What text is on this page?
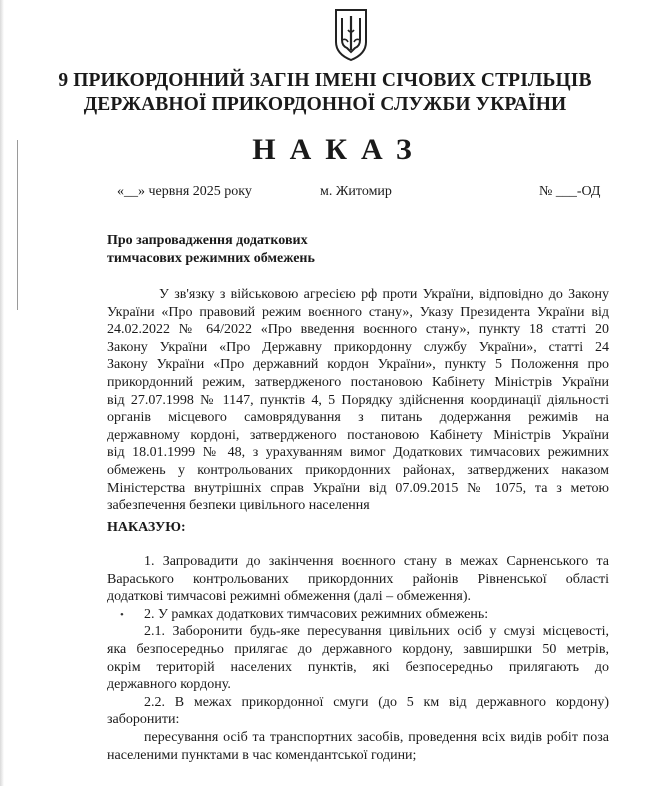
9 ПРИКОРДОННИЙ ЗАГІН ІМЕНІ СІЧОВИХ СТРІЛЬЦІВ
ДЕРЖАВНОЇ ПРИКОРДОННОЇ СЛУЖБИ УКРАЇНИ
НАКАЗ
«__» червня 2025 року	м. Житомир	№ ___-ОД
Про запровадження додаткових
тимчасових режимних обмежень
У зв'язку з військовою агресією рф проти України, відповідно до Закону
України «Про правовий режим воєнного стану», Указу Президента України від
24.02.2022 № 64/2022 «Про введення воєнного стану», пункту 18 статті 20
Закону України «Про Державну прикордонну службу України», статті 24
Закону України «Про державний кордон України», пункту 5 Положення про
прикордонний режим, затвердженого постановою Кабінету Міністрів України
від 27.07.1998 № 1147, пунктів 4, 5 Порядку здійснення координації діяльності
органів місцевого самоврядування з питань додержання режимів на
державному кордоні, затвердженого постановою Кабінету Міністрів України
від 18.01.1999 № 48, з урахуванням вимог Додаткових тимчасових режимних
обмежень у контрольованих прикордонних районах, затверджених наказом
Міністерства внутрішніх справ України від 07.09.2015 № 1075, та з метою
забезпечення безпеки цивільного населення
НАКАЗУЮ:
1. Запровадити до закінчення воєнного стану в межах Сарненського та
Вараського контрольованих прикордонних районів Рівненської області
додаткові тимчасові режимні обмеження (далі – обмеження).
2. У рамках додаткових тимчасових режимних обмежень:
2.1. Заборонити будь-яке пересування цивільних осіб у смузі місцевості,
яка безпосередньо прилягає до державного кордону, завширшки 50 метрів,
окрім територій населених пунктів, які безпосередньо прилягають до
державного кордону.
2.2. В межах прикордонної смуги (до 5 км від державного кордону)
заборонити:
пересування осіб та транспортних засобів, проведення всіх видів робіт поза
населеними пунктами в час комендантської години;
•
